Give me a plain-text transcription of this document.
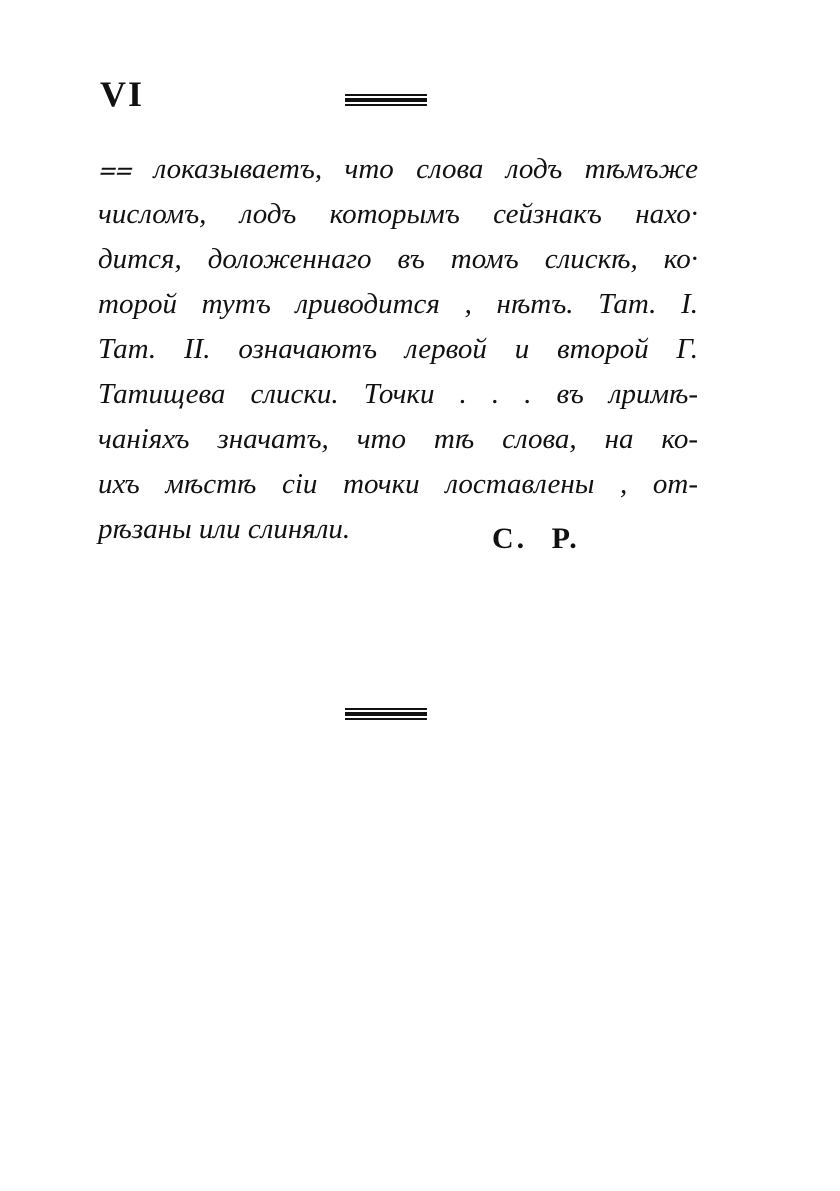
VI
⩵ локазываетъ, что слова лодъ тѣмъже
числомъ, лодъ которымъ сейзнакъ нахо·
дится, доложеннаго въ томъ слискѣ, ко·
торой тутъ лриводится , нѣтъ. Тат. I.
Тат. II. означаютъ лервой и второй Г.
Татищева слиски. Точки . . . въ лримѣ-
чаніяхъ значатъ, что тѣ слова, на ко-
ихъ мѣстѣ сіи точки лоставлены , от-
рѣзаны или слиняли.	С. Р.
